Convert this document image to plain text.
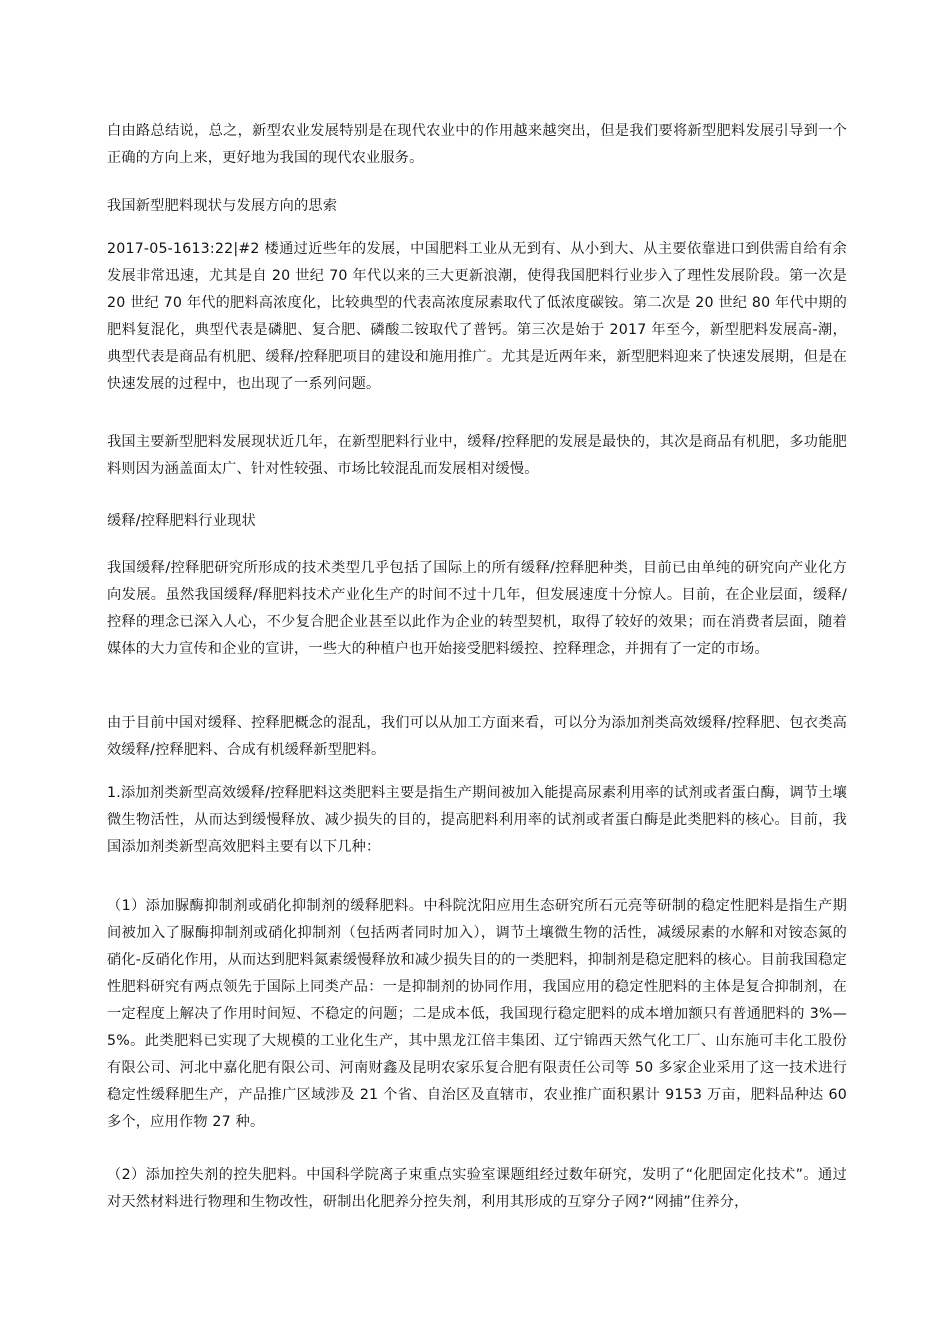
白由路总结说，总之，新型农业发展特别是在现代农业中的作用越来越突出，但是我们要将新型肥料发展引导到一个正确的方向上来，更好地为我国的现代农业服务。

我国新型肥料现状与发展方向的思索

2017-05-1613:22|#2 楼通过近些年的发展，中国肥料工业从无到有、从小到大、从主要依靠进口到供需自给有余发展非常迅速，尤其是自 20 世纪 70 年代以来的三大更新浪潮，使得我国肥料行业步入了理性发展阶段。第一次是 20 世纪 70 年代的肥料高浓度化，比较典型的代表高浓度尿素取代了低浓度碳铵。第二次是 20 世纪 80 年代中期的肥料复混化，典型代表是磷肥、复合肥、磷酸二铵取代了普钙。第三次是始于 2017 年至今，新型肥料发展高-潮，典型代表是商品有机肥、缓释/控释肥项目的建设和施用推广。尤其是近两年来，新型肥料迎来了快速发展期，但是在快速发展的过程中，也出现了一系列问题。

我国主要新型肥料发展现状近几年，在新型肥料行业中，缓释/控释肥的发展是最快的，其次是商品有机肥，多功能肥料则因为涵盖面太广、针对性较强、市场比较混乱而发展相对缓慢。

缓释/控释肥料行业现状

我国缓释/控释肥研究所形成的技术类型几乎包括了国际上的所有缓释/控释肥种类，目前已由单纯的研究向产业化方向发展。虽然我国缓释/释肥料技术产业化生产的时间不过十几年，但发展速度十分惊人。目前，在企业层面，缓释/控释的理念已深入人心，不少复合肥企业甚至以此作为企业的转型契机，取得了较好的效果；而在消费者层面，随着媒体的大力宣传和企业的宣讲，一些大的种植户也开始接受肥料缓控、控释理念，并拥有了一定的市场。

由于目前中国对缓释、控释肥概念的混乱，我们可以从加工方面来看，可以分为添加剂类高效缓释/控释肥、包衣类高效缓释/控释肥料、合成有机缓释新型肥料。

1.添加剂类新型高效缓释/控释肥料这类肥料主要是指生产期间被加入能提高尿素利用率的试剂或者蛋白酶，调节土壤微生物活性，从而达到缓慢释放、减少损失的目的，提高肥料利用率的试剂或者蛋白酶是此类肥料的核心。目前，我国添加剂类新型高效肥料主要有以下几种：

（1）添加脲酶抑制剂或硝化抑制剂的缓释肥料。中科院沈阳应用生态研究所石元亮等研制的稳定性肥料是指生产期间被加入了脲酶抑制剂或硝化抑制剂（包括两者同时加入），调节土壤微生物的活性，减缓尿素的水解和对铵态氮的硝化-反硝化作用，从而达到肥料氮素缓慢释放和减少损失目的的一类肥料，抑制剂是稳定肥料的核心。目前我国稳定性肥料研究有两点领先于国际上同类产品：一是抑制剂的协同作用，我国应用的稳定性肥料的主体是复合抑制剂，在一定程度上解决了作用时间短、不稳定的问题；二是成本低，我国现行稳定肥料的成本增加额只有普通肥料的 3%—5%。此类肥料已实现了大规模的工业化生产，其中黑龙江倍丰集团、辽宁锦西天然气化工厂、山东施可丰化工股份有限公司、河北中嘉化肥有限公司、河南财鑫及昆明农家乐复合肥有限责任公司等 50 多家企业采用了这一技术进行稳定性缓释肥生产，产品推广区域涉及 21 个省、自治区及直辖市，农业推广面积累计 9153 万亩，肥料品种达 60 多个，应用作物 27 种。

（2）添加控失剂的控失肥料。中国科学院离子束重点实验室课题组经过数年研究，发明了“化肥固定化技术”。通过对天然材料进行物理和生物改性，研制出化肥养分控失剂，利用其形成的互穿分子网?“网捕”住养分，
